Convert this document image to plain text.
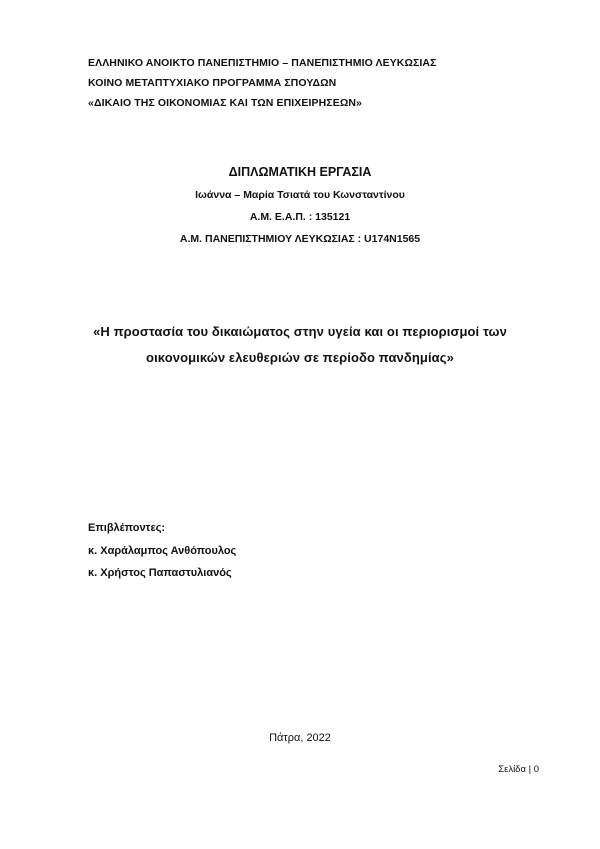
ΕΛΛΗΝΙΚΟ ΑΝΟΙΚΤΟ ΠΑΝΕΠΙΣΤΗΜΙΟ – ΠΑΝΕΠΙΣΤΗΜΙΟ ΛΕΥΚΩΣΙΑΣ
ΚΟΙΝΟ ΜΕΤΑΠΤΥΧΙΑΚΟ ΠΡΟΓΡΑΜΜΑ ΣΠΟΥΔΩΝ
«ΔΙΚΑΙΟ ΤΗΣ ΟΙΚΟΝΟΜΙΑΣ ΚΑΙ ΤΩΝ ΕΠΙΧΕΙΡΗΣΕΩΝ»
ΔΙΠΛΩΜΑΤΙΚΗ ΕΡΓΑΣΙΑ
Ιωάννα – Μαρία Τσιατά του Κωνσταντίνου
Α.Μ. Ε.Α.Π. : 135121
Α.Μ. ΠΑΝΕΠΙΣΤΗΜΙΟΥ ΛΕΥΚΩΣΙΑΣ : U174N1565
«Η προστασία του δικαιώματος στην υγεία και οι περιορισμοί των
οικονομικών ελευθεριών σε περίοδο πανδημίας»
Επιβλέποντες:
κ. Χαράλαμπος Ανθόπουλος
κ. Χρήστος Παπαστυλιανός
Πάτρα, 2022
Σελίδα | 0
